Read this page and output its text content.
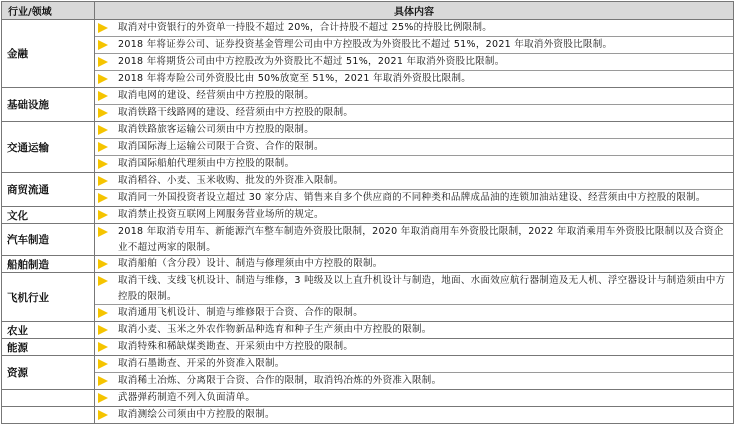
行业/领域	具体内容
金融	取消对中资银行的外资单一持股不超过 20%，合计持股不超过 25%的持股比例限制。
2018 年将证券公司、证券投资基金管理公司由中方控股改为外资股比不超过 51%，2021 年取消外资股比限制。
2018 年将期货公司由中方控股改为外资股比不超过 51%，2021 年取消外资股比限制。
2018 年将寿险公司外资股比由 50%放宽至 51%，2021 年取消外资股比限制。

基础设施	取消电网的建设、经营须由中方控股的限制。
取消铁路干线路网的建设、经营须由中方控股的限制。

交通运输	取消铁路旅客运输公司须由中方控股的限制。
取消国际海上运输公司限于合资、合作的限制。
取消国际船舶代理须由中方控股的限制。

商贸流通	取消稻谷、小麦、玉米收购、批发的外资准入限制。
取消同一外国投资者设立超过 30 家分店、销售来自多个供应商的不同种类和品牌成品油的连锁加油站建设、经营须由中方控股的限制。

文化	取消禁止投资互联网上网服务营业场所的规定。

汽车制造	2018 年取消专用车、新能源汽车整车制造外资股比限制，2020 年取消商用车外资股比限制，2022 年取消乘用车外资股比限制以及合资企业不超过两家的限制。

船舶制造	取消船舶（含分段）设计、制造与修理须由中方控股的限制。

飞机行业	取消干线、支线飞机设计、制造与维修，3 吨级及以上直升机设计与制造，地面、水面效应航行器制造及无人机、浮空器设计与制造须由中方控股的限制。
取消通用飞机设计、制造与维修限于合资、合作的限制。

农业	取消小麦、玉米之外农作物新品种选育和种子生产须由中方控股的限制。

能源	取消特殊和稀缺煤类勘查、开采须由中方控股的限制。

资源	取消石墨勘查、开采的外资准入限制。
取消稀土冶炼、分离限于合资、合作的限制，取消钨冶炼的外资准入限制。

武器弹药制造不列入负面清单。

取消测绘公司须由中方控股的限制。
